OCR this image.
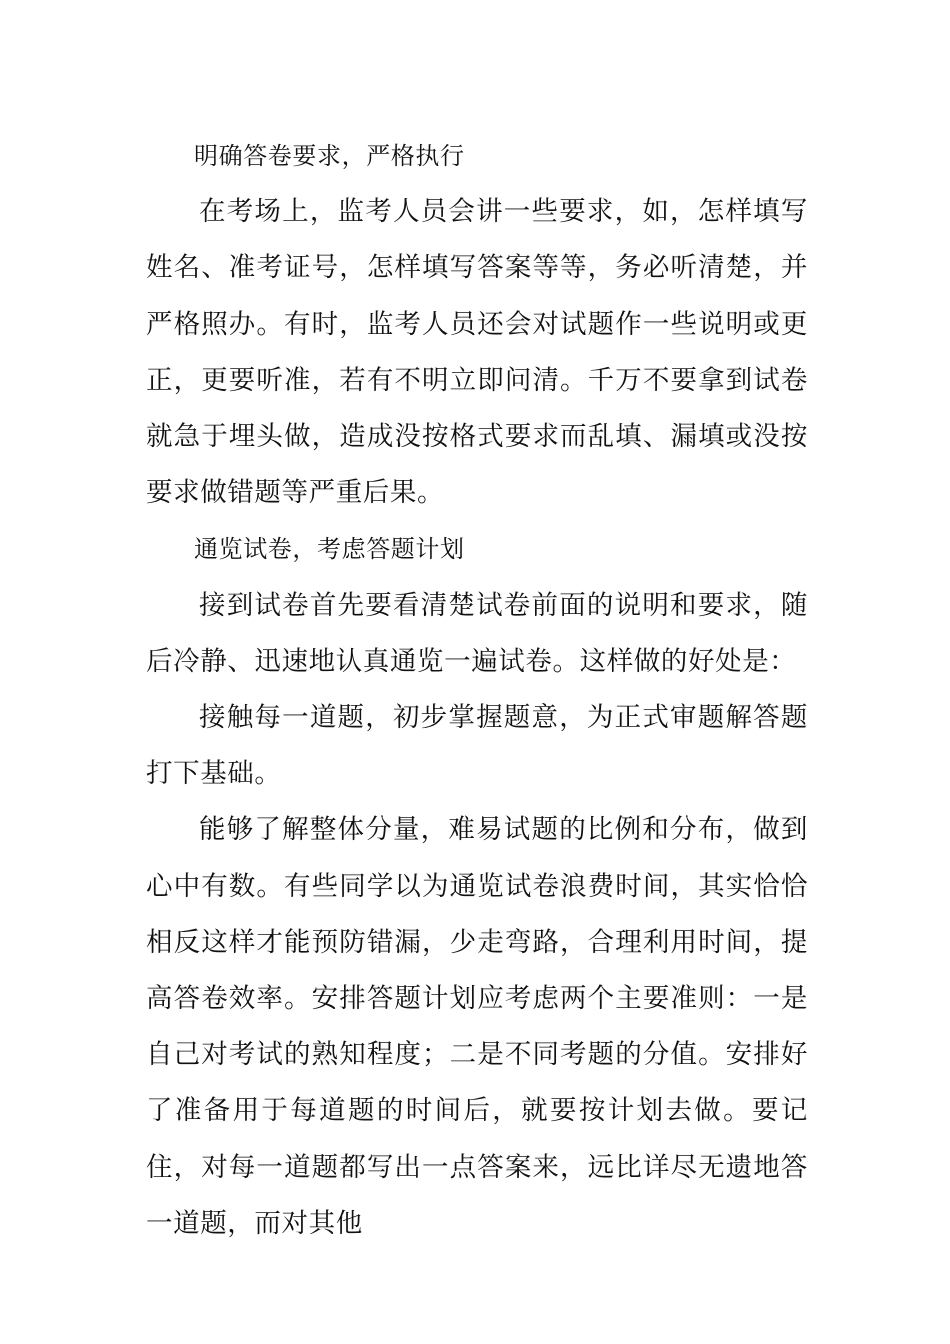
明确答卷要求，严格执行

在考场上，监考人员会讲一些要求，如，怎样填写姓名、准考证号，怎样填写答案等等，务必听清楚，并严格照办。有时，监考人员还会对试题作一些说明或更正，更要听准，若有不明立即问清。千万不要拿到试卷就急于埋头做，造成没按格式要求而乱填、漏填或没按要求做错题等严重后果。

通览试卷，考虑答题计划

接到试卷首先要看清楚试卷前面的说明和要求，随后冷静、迅速地认真通览一遍试卷。这样做的好处是：

接触每一道题，初步掌握题意，为正式审题解答题打下基础。

能够了解整体分量，难易试题的比例和分布，做到心中有数。有些同学以为通览试卷浪费时间，其实恰恰相反这样才能预防错漏，少走弯路，合理利用时间，提高答卷效率。安排答题计划应考虑两个主要准则：一是自己对考试的熟知程度；二是不同考题的分值。安排好了准备用于每道题的时间后，就要按计划去做。要记住，对每一道题都写出一点答案来，远比详尽无遗地答一道题，而对其他
